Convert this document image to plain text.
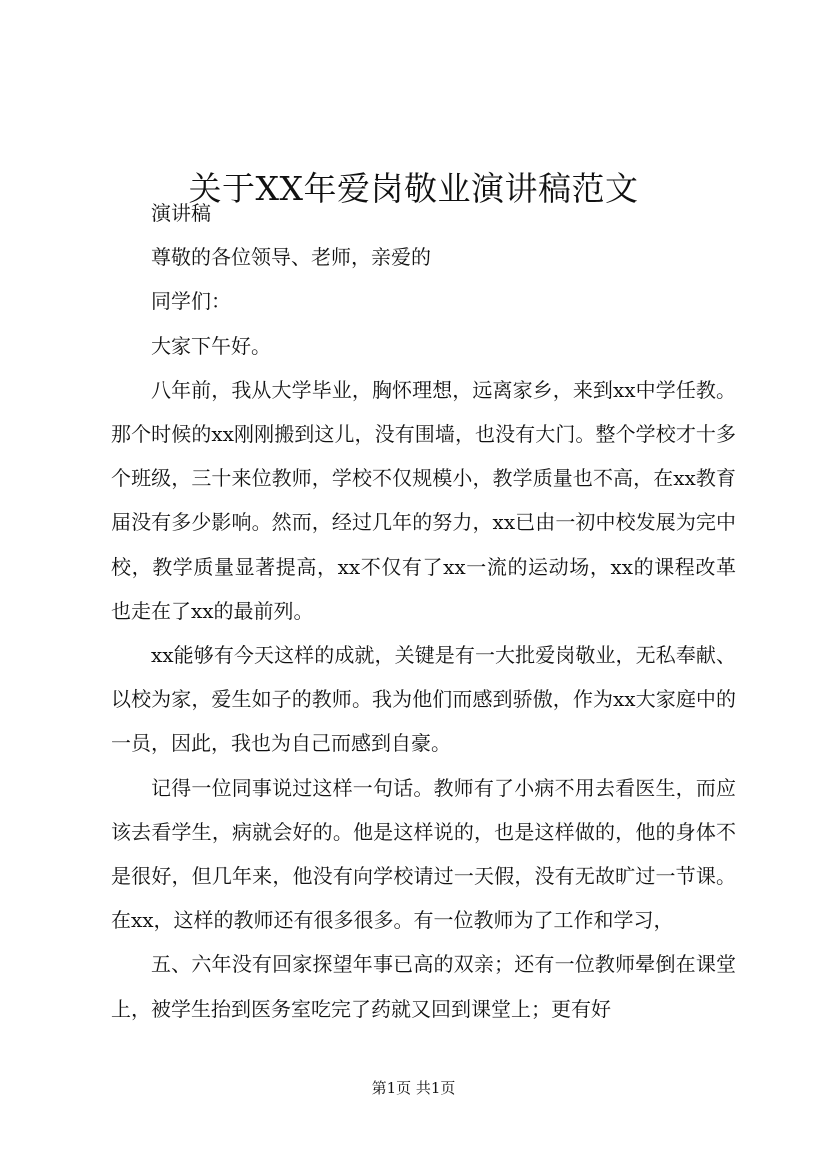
关于XX年爱岗敬业演讲稿范文

演讲稿

尊敬的各位领导、老师，亲爱的

同学们：

大家下午好。

八年前，我从大学毕业，胸怀理想，远离家乡，来到xx中学任教。那个时候的xx刚刚搬到这儿，没有围墙，也没有大门。整个学校才十多个班级，三十来位教师，学校不仅规模小，教学质量也不高，在xx教育届没有多少影响。然而，经过几年的努力，xx已由一初中校发展为完中校，教学质量显著提高，xx不仅有了xx一流的运动场，xx的课程改革也走在了xx的最前列。

xx能够有今天这样的成就，关键是有一大批爱岗敬业，无私奉献、以校为家，爱生如子的教师。我为他们而感到骄傲，作为xx大家庭中的一员，因此，我也为自己而感到自豪。

记得一位同事说过这样一句话。教师有了小病不用去看医生，而应该去看学生，病就会好的。他是这样说的，也是这样做的，他的身体不是很好，但几年来，他没有向学校请过一天假，没有无故旷过一节课。在xx，这样的教师还有很多很多。有一位教师为了工作和学习，

五、六年没有回家探望年事已高的双亲；还有一位教师晕倒在课堂上，被学生抬到医务室吃完了药就又回到课堂上；更有好

第1页 共1页
